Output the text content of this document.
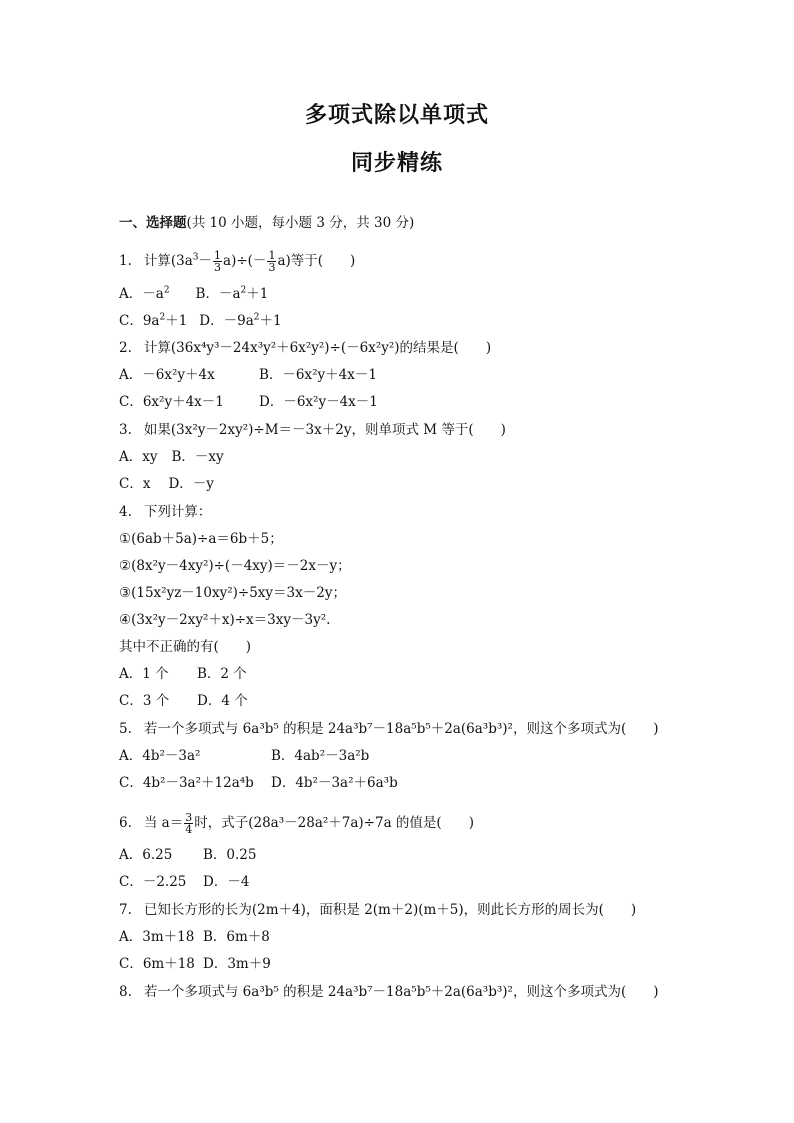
多项式除以单项式
同步精练
一、选择题(共 10 小题，每小题 3 分，共 30 分)
1. 计算$(3a^3- \frac{1}{3} a)\div(- \frac{1}{3} a)$等于(　　)
A．$-a^2$ B．$-a^2+1$
C．$9a^2+1$ D．$-9a^2+1$
2. 计算(36x⁴y³－24x³y²＋6x²y²)÷(－6x²y²)的结果是(　　)
A．－6x²y＋4x	B．－6x²y＋4x－1
C．6x²y＋4x－1	D．－6x²y－4x－1
3. 如果(3x²y－2xy²)÷M＝－3x＋2y，则单项式 M 等于(　　)
A．xy B．－xy
C．x D．－y
4. 下列计算：
①(6ab＋5a)÷a＝6b＋5；
②(8x²y－4xy²)÷(－4xy)＝－2x－y；
③(15x²yz－10xy²)÷5xy＝3x－2y；
④(3x²y－2xy²＋x)÷x＝3xy－3y².
其中不正确的有(　　)
A．1 个 B．2 个
C．3 个 D．4 个
5. 若一个多项式与 6a³b⁵ 的积是 24a³b⁷－18a⁵b⁵＋2a(6a³b³)²，则这个多项式为(　　)
A．4b²－3a²	B．4ab²－3a²b
C．4b²－3a²＋12a⁴b D．4b²－3a²＋6a³b
6. 当 $a= \frac{3}{4}$ 时，式子(28a³－28a²＋7a)÷7a 的值是(　　)
A．6.25 B．0.25
C．－2.25 D．－4
7. 已知长方形的长为(2m＋4)，面积是 2(m＋2)(m＋5)，则此长方形的周长为(　　)
A．3m＋18 B．6m＋8
C．6m＋18 D．3m＋9
8. 若一个多项式与 6a³b⁵ 的积是 24a³b⁷－18a⁵b⁵＋2a(6a³b³)²，则这个多项式为(　　)
